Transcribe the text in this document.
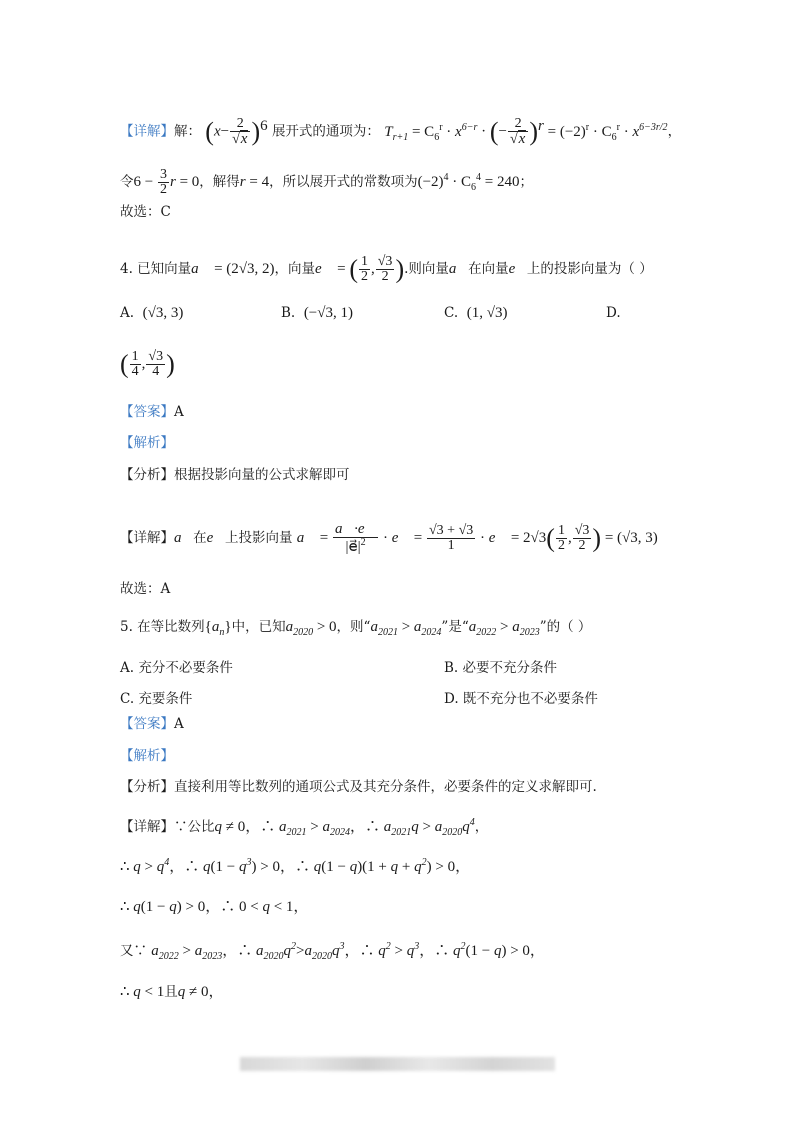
【详解】解： $(x- \frac{2}{√x} )^6$ 展开式的通项为： $T_{r+1} = C_6^r \cdot x^{6-r}$ · (− $\frac{2}{√x} )^r = (-2)^r \cdot C_6^r \cdot x^{6-3r/2}$，
令$6 - \frac{3}{2}$ r = 0，解得r = 4，所以展开式的常数项为$(-2)^4 \cdot C_6^4 = 240$；
故选：C
4. 已知向量a⃗ = (2√3, 2)，向量e⃗ = ( $\frac{1}{2}$ , $\frac{√3}{2}$ ).则向量a⃗在向量e⃗上的投影向量为（ ）
A. (√3, 3)	B. (−√3, 1)	C. (1, √3)	D.
( $\frac{1}{4}$ , $\frac{√3}{4}$ )
【答案】A
【解析】
【分析】根据投影向量的公式求解即可
【详解】a⃗在e⃗上投影向量 a⃗ = $\frac{a⃗\cdot e⃗}{|e⃗|^2}$ · e⃗ = $\frac{√3 + √3}{1}$ · e⃗ = $2√3( \frac{1}{2}$ , $\frac{√3}{2}$ ) = (√3, 3)
故选：A
5. 在等比数列$\{a_n\}$中，已知$a_{2020} > 0$，则“$a_{2021} > a_{2024}$”是“$a_{2022} > a_{2023}$”的（ ）
A. 充分不必要条件	B. 必要不充分条件
C. 充要条件	D. 既不充分也不必要条件
【答案】A
【解析】
【分析】直接利用等比数列的通项公式及其充分条件，必要条件的定义求解即可.
【详解】∵公比q ≠ 0，∴ $a_{2021} > a_{2024}$，∴ $a_{2021}q > a_{2020}q^4$，
∴ $q > q^4$，∴ $q(1 - q^3) > 0$，∴ $q(1 - q)(1 + q + q^2) > 0$，
∴ q(1 − q) > 0，∴ 0 < q < 1，
又∵ $a_{2022} > a_{2023}$，∴ $a_{2020}q^2>a_{2020}q^3$，∴ $q^2 > q^3$，∴ $q^2(1 - q) > 0$，
∴ q < 1且q ≠ 0，
